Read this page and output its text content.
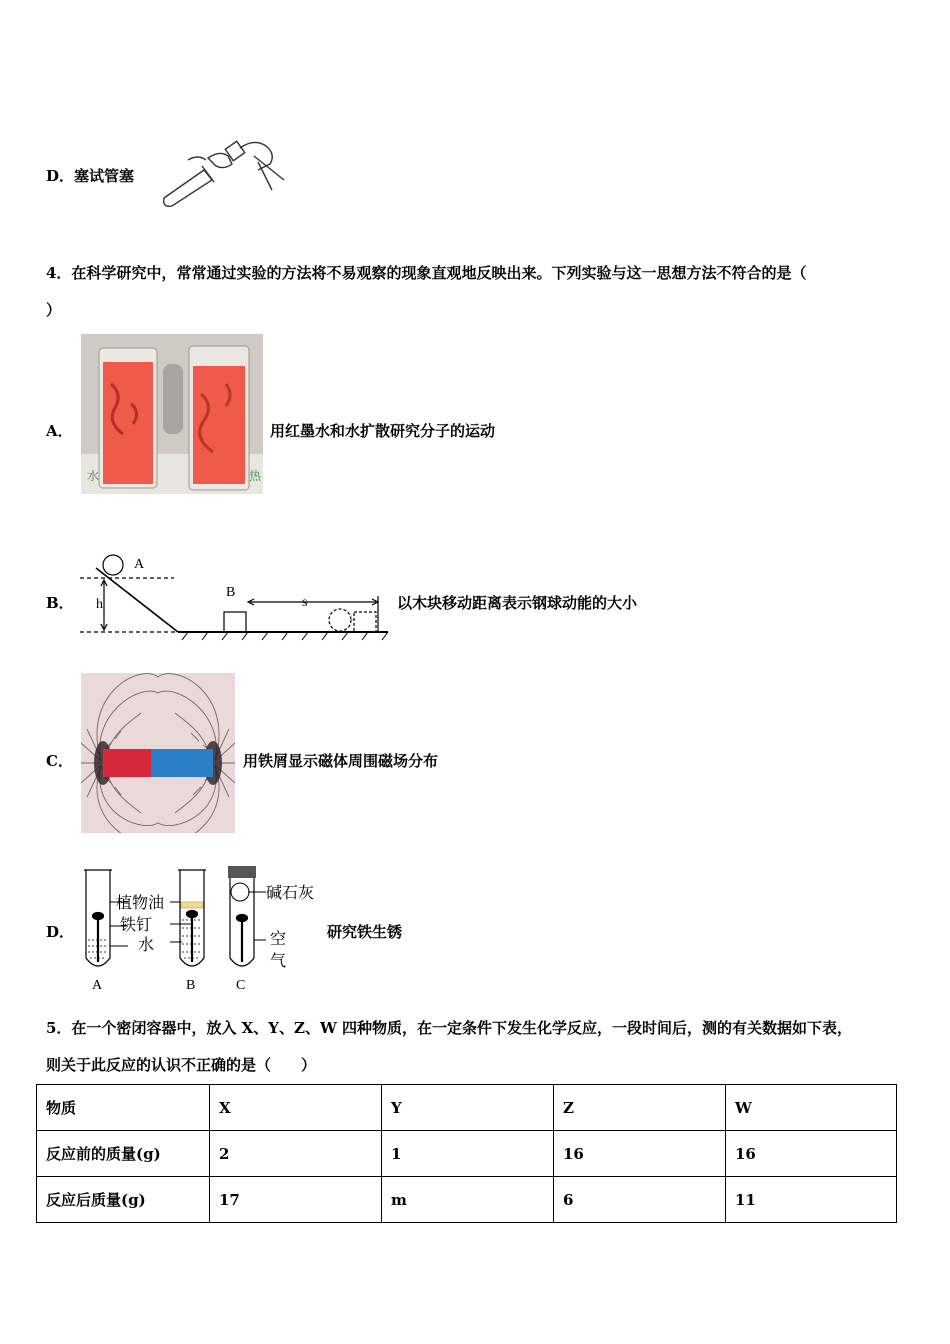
D． 塞试管塞
4．在科学研究中，常常通过实验的方法将不易观察的现象直观地反映出来。下列实验与这一思想方法不符合的是（
）
A．
水	热
用红墨水和水扩散研究分子的运动
B．
A
h
B
s	以木块移动距离表示钢球动能的大小
C．	用铁屑显示磁体周围磁场分布
D．
植物油
铁钉
水
碱石灰
空
气
A	B	C
研究铁生锈
5．在一个密闭容器中，放入 X、Y、Z、W 四种物质，在一定条件下发生化学反应，一段时间后，测的有关数据如下表，
则关于此反应的认识不正确的是（　　）
物质	X	Y	Z	W
反应前的质量(g)	2	1	16	16
反应后质量(g)	17	m	6	11
